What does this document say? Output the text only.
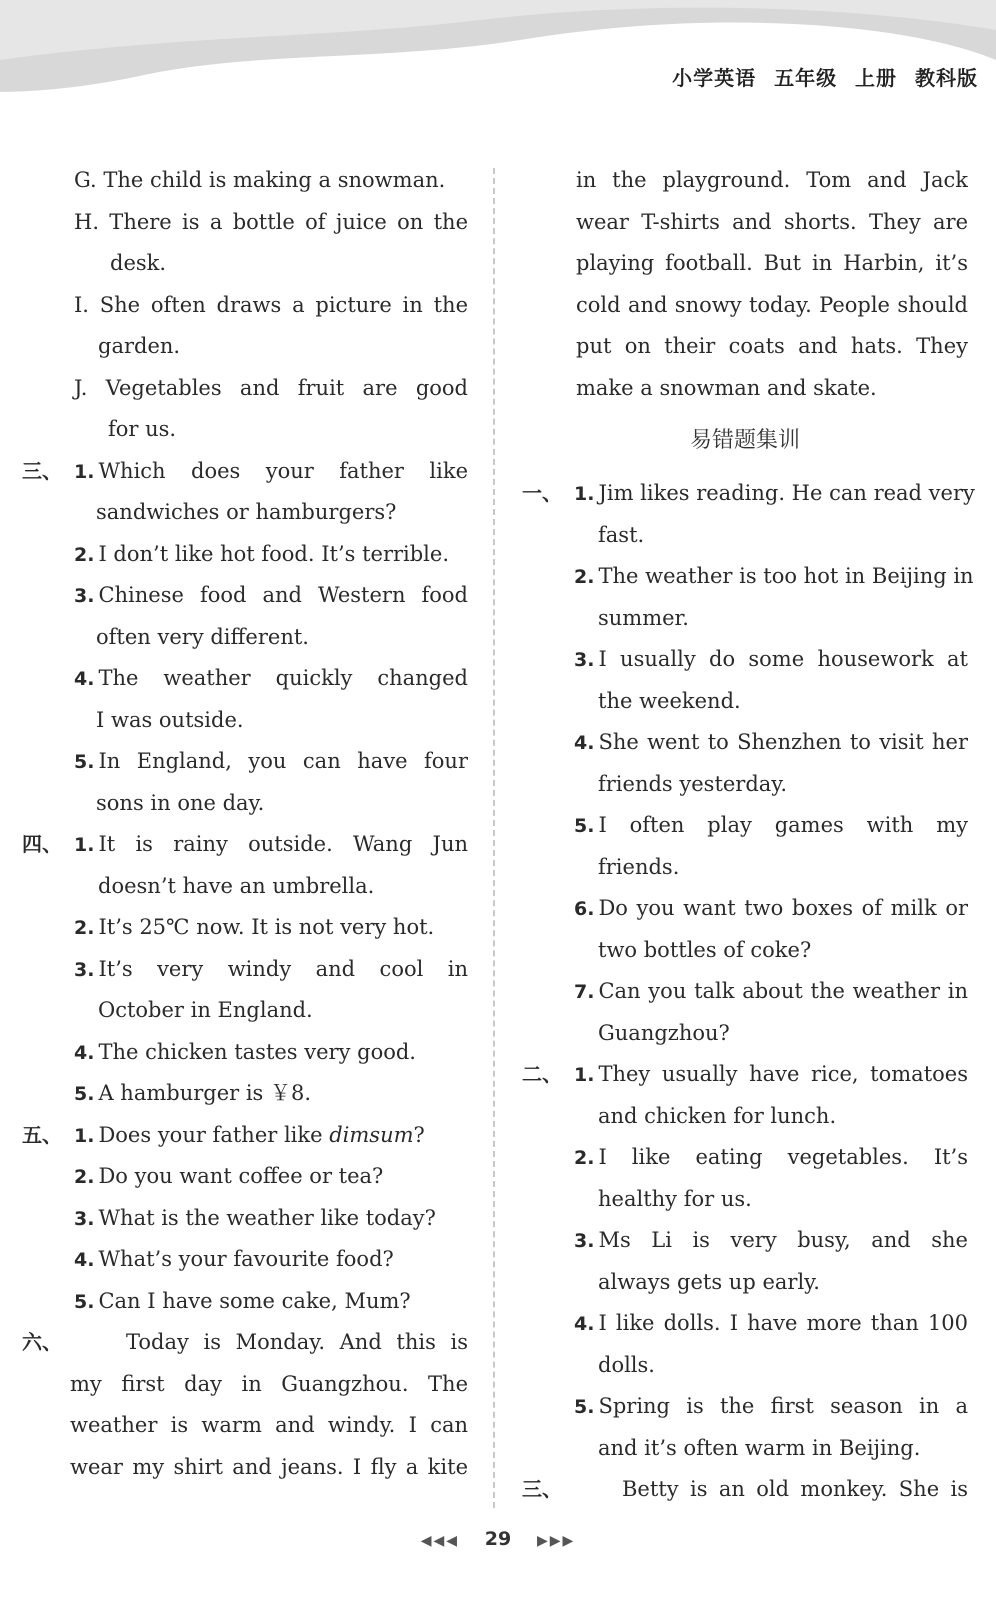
小学英语 五年级 上册 教科版
G. The child is making a snowman.
H. There is a bottle of juice on the
desk.
I. She often draws a picture in the
garden.
J. Vegetables and fruit are good
for us.
三、 1. Which does your father like
sandwiches or hamburgers?
2. I don’t like hot food. It’s terrible.
3. Chinese food and Western food
often very different.
4. The weather quickly changed
I was outside.
5. In England, you can have four
sons in one day.
四、 1. It is rainy outside. Wang Jun
doesn’t have an umbrella.
2. It’s 25℃ now. It is not very hot.
3. It’s very windy and cool in
October in England.
4. The chicken tastes very good.
5. A hamburger is ￥8.
五、 1. Does your father like dimsum?
2. Do you want coffee or tea?
3. What is the weather like today?
4. What’s your favourite food?
5. Can I have some cake, Mum?
六、	Today is Monday. And this is
my first day in Guangzhou. The
weather is warm and windy. I can
wear my shirt and jeans. I fly a kite
in the playground. Tom and Jack
wear T-shirts and shorts. They are
playing football. But in Harbin, it’s
cold and snowy today. People should
put on their coats and hats. They
make a snowman and skate.
易错题集训
一、 1. Jim likes reading. He can read very
fast.
2. The weather is too hot in Beijing in
summer.
3. I usually do some housework at
the weekend.
4. She went to Shenzhen to visit her
friends yesterday.
5. I often play games with my
friends.
6. Do you want two boxes of milk or
two bottles of coke?
7. Can you talk about the weather in
Guangzhou?
二、 1. They usually have rice, tomatoes
and chicken for lunch.
2. I like eating vegetables. It’s
healthy for us.
3. Ms Li is very busy, and she
always gets up early.
4. I like dolls. I have more than 100
dolls.
5. Spring is the first season in a
and it’s often warm in Beijing.
三、	Betty is an old monkey. She is
◀◀◀ 29 ▶▶▶
